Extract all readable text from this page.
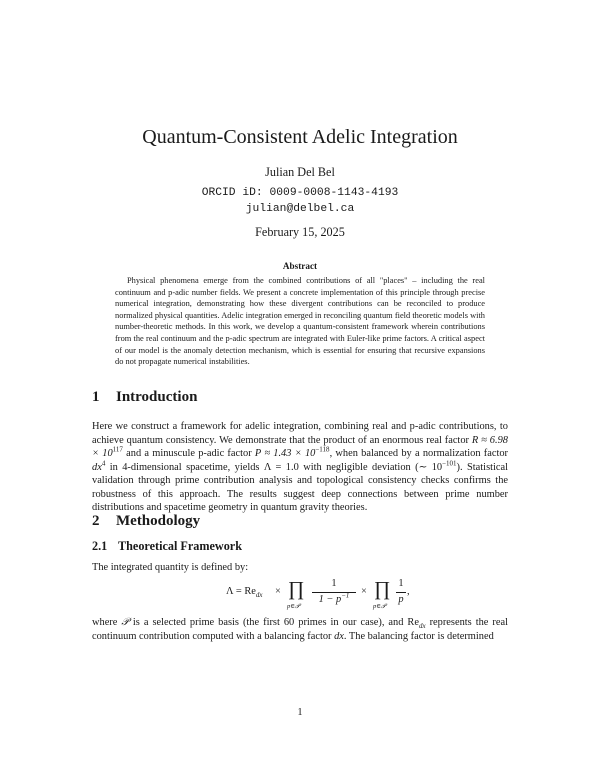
Quantum-Consistent Adelic Integration
Julian Del Bel
ORCID iD: 0009-0008-1143-4193
julian@delbel.ca
February 15, 2025
Abstract
Physical phenomena emerge from the combined contributions of all "places" – including the real continuum and p-adic number fields. We present a concrete implementation of this principle through precise numerical integration, demonstrating how these divergent contributions can be reconciled to produce normalized physical quantities. Adelic integration emerged in reconciling quantum field theoretic models with number-theoretic methods. In this work, we develop a quantum-consistent framework wherein contributions from the real continuum and the p-adic spectrum are integrated with Euler-like prime factors. A critical aspect of our model is the anomaly detection mechanism, which is essential for ensuring that recursive expansions do not propagate numerical instabilities.
1 Introduction
Here we construct a framework for adelic integration, combining real and p-adic contributions, to achieve quantum consistency. We demonstrate that the product of an enormous real factor $R \approx 6.98 \times 10^{117}$ and a minuscule p-adic factor $P \approx 1.43 \times 10^{-118}$, when balanced by a normalization factor $dx^4$ in 4-dimensional spacetime, yields Λ = 1.0 with negligible deviation (∼ $10^{-101}$). Statistical validation through prime contribution analysis and topological consistency checks confirms the robustness of this approach. The results suggest deep connections between prime number distributions and spacetime geometry in quantum gravity theories.
2 Methodology
2.1 Theoretical Framework
The integrated quantity is defined by:
$\Lambda = Re_{dx}$ × ∏
p∈𝒫
1
$1 - p^{-1}$	× ∏
p∈𝒫
1
p
,
where 𝒫 is a selected prime basis (the first 60 primes in our case), and $Re_{dx}$ represents the real continuum contribution computed with a balancing factor dx. The balancing factor is determined
1
